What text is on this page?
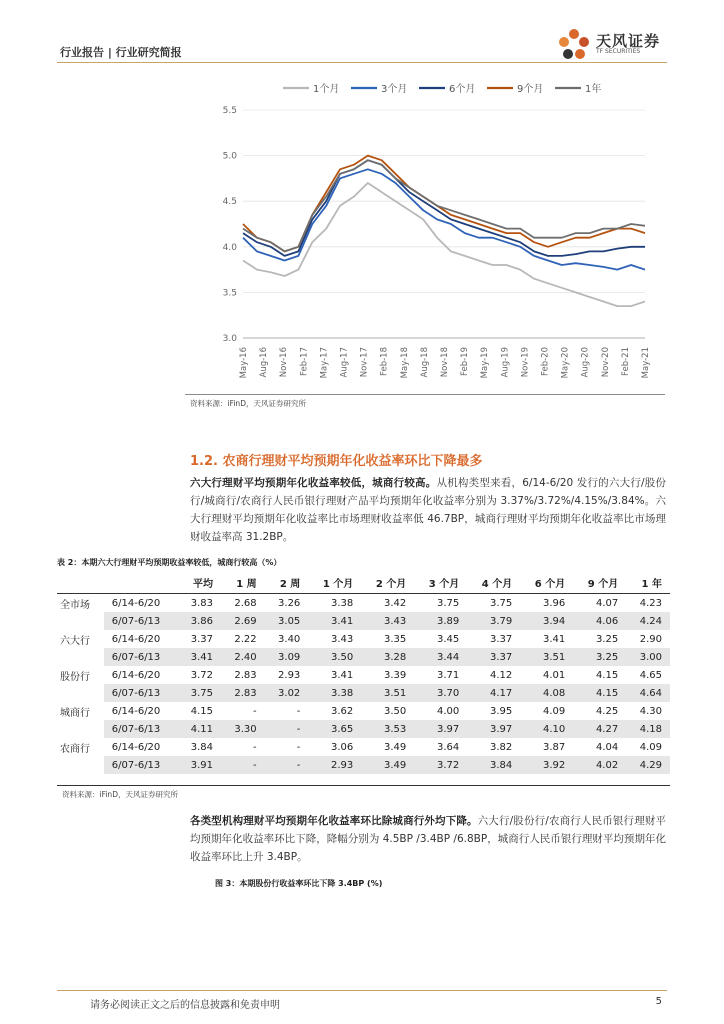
行业报告 | 行业研究简报
天风证券
TF SECURITIES
3.0
3.5
4.0
4.5
5.0
5.5
May-16 Aug-16 Nov-16 Feb-17 May-17 Aug-17 Nov-17 Feb-18 May-18 Aug-18 Nov-18 Feb-19 May-19 Aug-19 Nov-19 Feb-20 May-20 Aug-20 Nov-20 Feb-21 May-21
1个月	3个月	6个月	9个月	1年
资料来源：iFinD，天风证券研究所
1.2. 农商行理财平均预期年化收益率环比下降最多
六大行理财平均预期年化收益率较低，城商行较高。从机构类型来看，6/14-6/20 发行的六大行/股份行/城商行/农商行人民币银行理财产品平均预期年化收益率分别为 3.37%/3.72%/4.15%/3.84%。六大行理财平均预期年化收益率比市场理财收益率低 46.7BP，城商行理财平均预期年化收益率比市场理财收益率高 31.2BP。
表 2：本期六大行理财平均预期收益率较低，城商行较高（%）
		平均	1 周	2 周	1 个月	2 个月	3 个月	4 个月	6 个月	9 个月	1 年
全市场	6/14-6/20	3.83	2.68	3.26	3.38	3.42	3.75	3.75	3.96	4.07	4.23
	6/07-6/13	3.86	2.69	3.05	3.41	3.43	3.89	3.79	3.94	4.06	4.24
六大行	6/14-6/20	3.37	2.22	3.40	3.43	3.35	3.45	3.37	3.41	3.25	2.90
	6/07-6/13	3.41	2.40	3.09	3.50	3.28	3.44	3.37	3.51	3.25	3.00
股份行	6/14-6/20	3.72	2.83	2.93	3.41	3.39	3.71	4.12	4.01	4.15	4.65
	6/07-6/13	3.75	2.83	3.02	3.38	3.51	3.70	4.17	4.08	4.15	4.64
城商行	6/14-6/20	4.15	-	-	3.62	3.50	4.00	3.95	4.09	4.25	4.30
	6/07-6/13	4.11	3.30	-	3.65	3.53	3.97	3.97	4.10	4.27	4.18
农商行	6/14-6/20	3.84	-	-	3.06	3.49	3.64	3.82	3.87	4.04	4.09
	6/07-6/13	3.91	-	-	2.93	3.49	3.72	3.84	3.92	4.02	4.29
资料来源：iFinD，天风证券研究所
各类型机构理财平均预期年化收益率环比除城商行外均下降。六大行/股份行/农商行人民币银行理财平均预期年化收益率环比下降，降幅分别为 4.5BP /3.4BP /6.8BP，城商行人民币银行理财平均预期年化收益率环比上升 3.4BP。
图 3：本期股份行收益率环比下降 3.4BP (%)
请务必阅读正文之后的信息披露和免责申明	5
